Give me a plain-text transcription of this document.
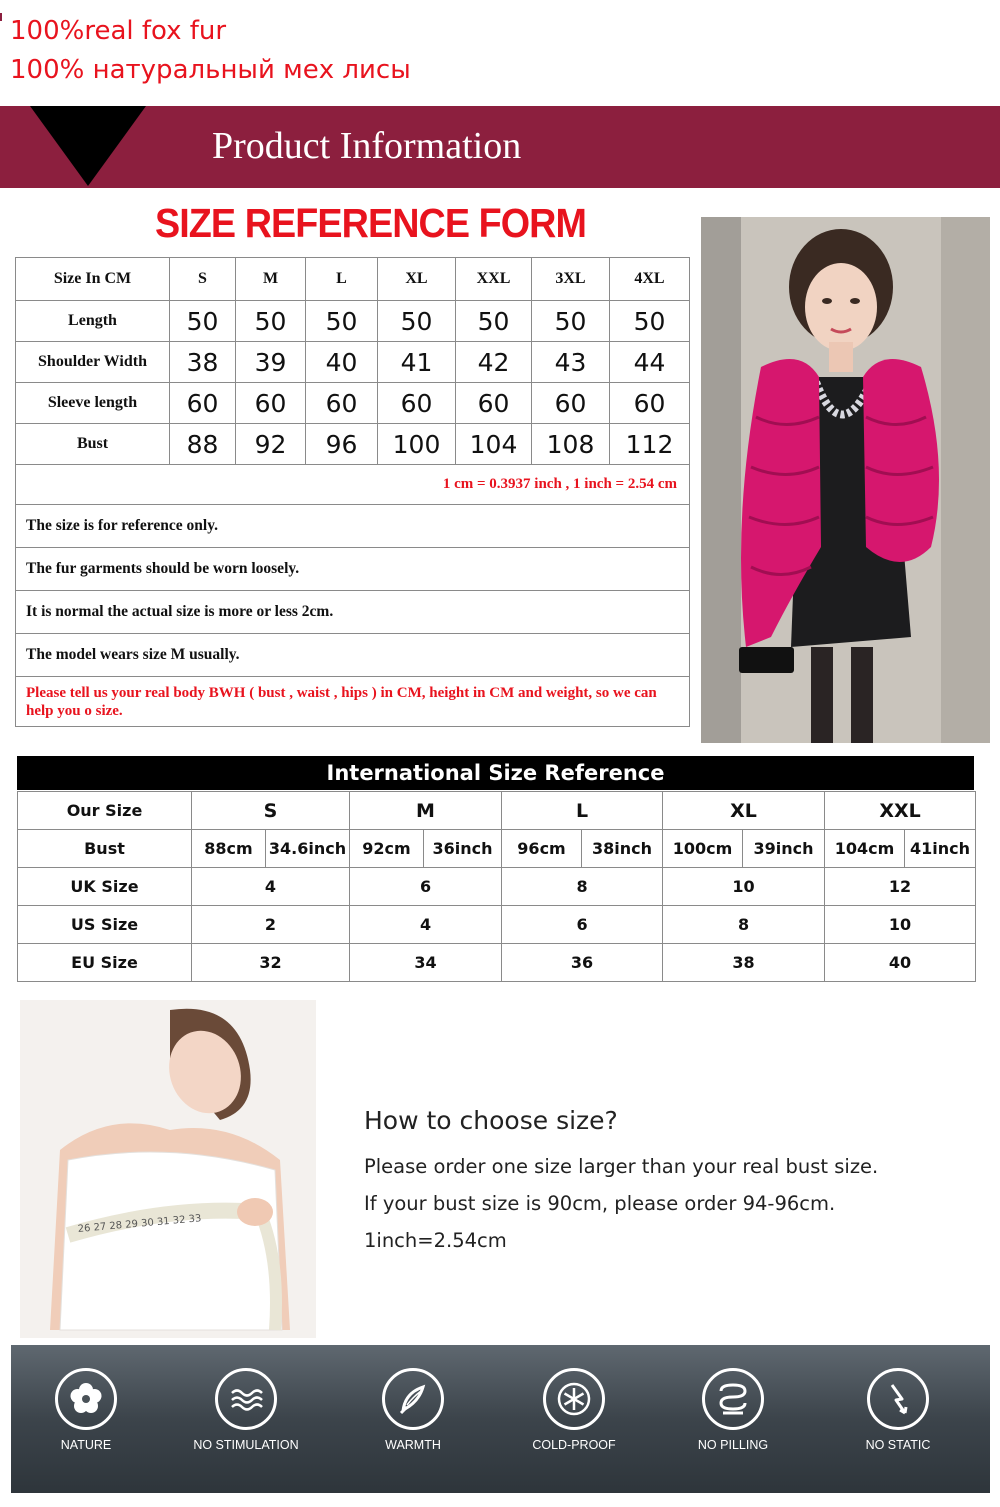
100%real fox fur
100% натуральный мех лисы
Product Information
SIZE REFERENCE FORM
Size In CM	S	M	L	XL	XXL	3XL	4XL
Length	50	50	50	50	50	50	50
Shoulder Width	38	39	40	41	42	43	44
Sleeve length	60	60	60	60	60	60	60
Bust	88	92	96	100	104	108	112
1 cm = 0.3937 inch , 1 inch = 2.54 cm							
The size is for reference only.							
The fur garments should be worn loosely.							
It is normal the actual size is more or less 2cm.							
The model wears size M usually.							
Please tell us your real body BWH ( bust , waist , hips ) in CM, height in CM and weight, so we can help you o size.							
International Size Reference
Our Size	S		M		L		XL		XXL	
Bust	88cm	34.6inch	92cm	36inch	96cm	38inch	100cm	39inch	104cm	41inch
UK Size	4		6		8		10		12	
US Size	2		4		6		8		10	
EU Size	32		34		36		38		40	
26 27 28 29 30 31 32 33
How to choose size?
Please order one size larger than your real bust size.
If your bust size is 90cm, please order 94-96cm.
1inch=2.54cm
NATURE	NO STIMULATION	WARMTH	COLD-PROOF	NO PILLING	NO STATIC
